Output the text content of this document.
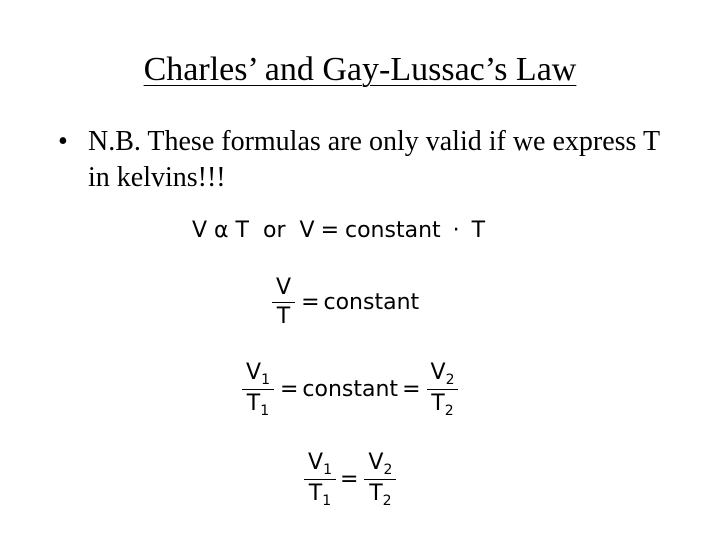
Charles’ and Gay-Lussac’s Law
• N.B. These formulas are only valid if we express T in kelvins!!!
V α T or V = constant · T
$\frac{V}{T}$ = constant
$\frac{V_1}{T_1}$ = constant = $\frac{V_2}{T_2}$
$\frac{V_1}{T_1} = \frac{V_2}{T_2}$
